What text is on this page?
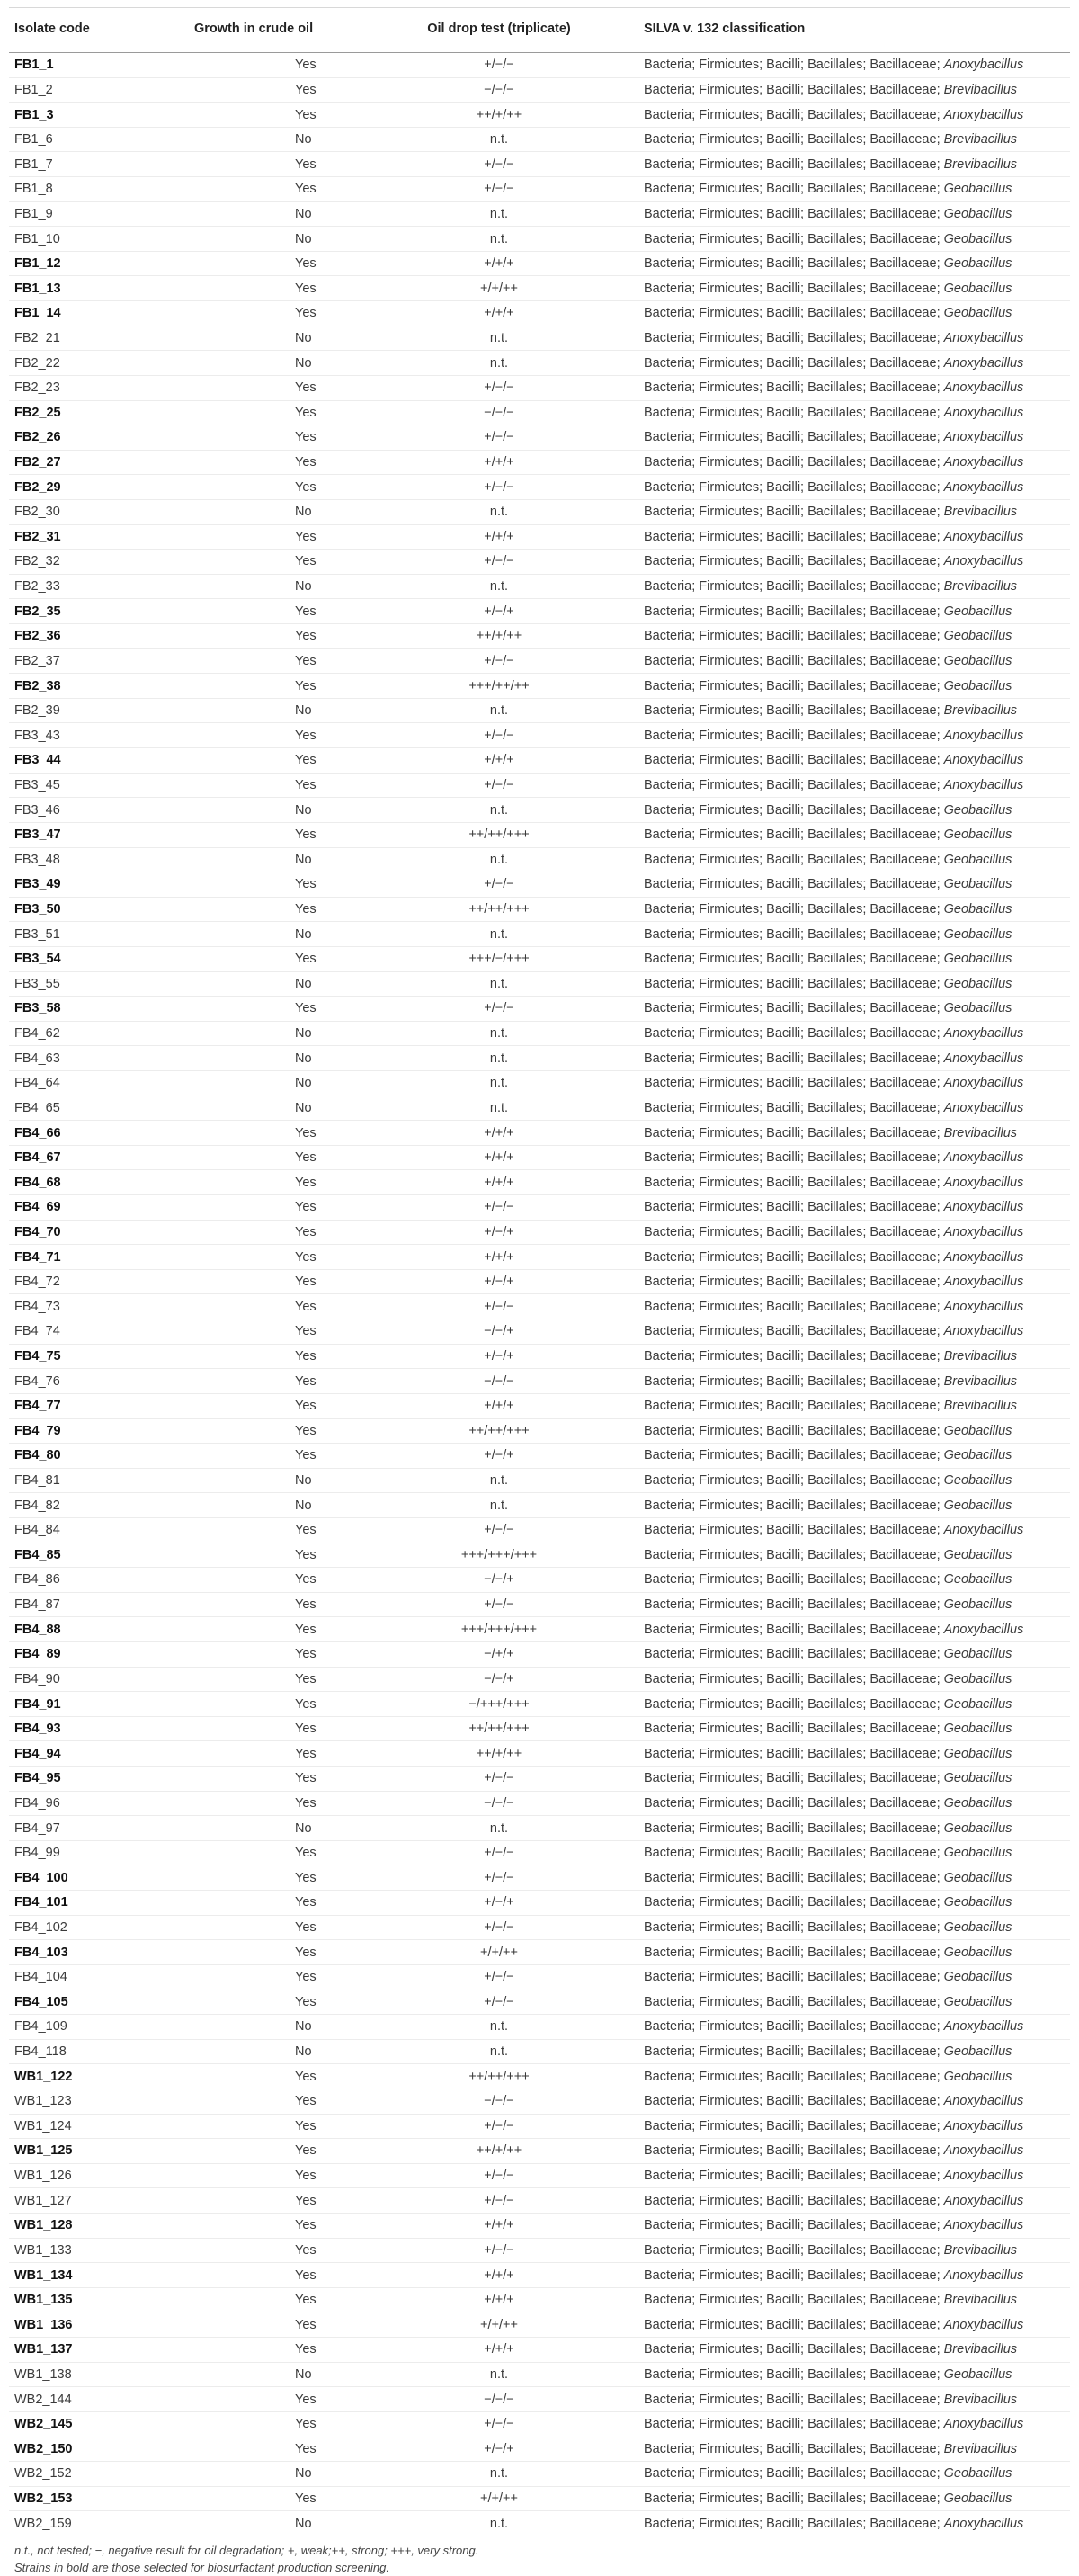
Isolate code	Growth in crude oil	Oil drop test (triplicate)	SILVA v. 132 classification
FB1_1	Yes	+/−/−	Bacteria; Firmicutes; Bacilli; Bacillales; Bacillaceae; Anoxybacillus
FB1_2	Yes	−/−/−	Bacteria; Firmicutes; Bacilli; Bacillales; Bacillaceae; Brevibacillus
FB1_3	Yes	++/+/++	Bacteria; Firmicutes; Bacilli; Bacillales; Bacillaceae; Anoxybacillus
FB1_6	No	n.t.	Bacteria; Firmicutes; Bacilli; Bacillales; Bacillaceae; Brevibacillus
FB1_7	Yes	+/−/−	Bacteria; Firmicutes; Bacilli; Bacillales; Bacillaceae; Brevibacillus
FB1_8	Yes	+/−/−	Bacteria; Firmicutes; Bacilli; Bacillales; Bacillaceae; Geobacillus
FB1_9	No	n.t.	Bacteria; Firmicutes; Bacilli; Bacillales; Bacillaceae; Geobacillus
FB1_10	No	n.t.	Bacteria; Firmicutes; Bacilli; Bacillales; Bacillaceae; Geobacillus
FB1_12	Yes	+/+/+	Bacteria; Firmicutes; Bacilli; Bacillales; Bacillaceae; Geobacillus
FB1_13	Yes	+/+/++	Bacteria; Firmicutes; Bacilli; Bacillales; Bacillaceae; Geobacillus
FB1_14	Yes	+/+/+	Bacteria; Firmicutes; Bacilli; Bacillales; Bacillaceae; Geobacillus
FB2_21	No	n.t.	Bacteria; Firmicutes; Bacilli; Bacillales; Bacillaceae; Anoxybacillus
FB2_22	No	n.t.	Bacteria; Firmicutes; Bacilli; Bacillales; Bacillaceae; Anoxybacillus
FB2_23	Yes	+/−/−	Bacteria; Firmicutes; Bacilli; Bacillales; Bacillaceae; Anoxybacillus
FB2_25	Yes	−/−/−	Bacteria; Firmicutes; Bacilli; Bacillales; Bacillaceae; Anoxybacillus
FB2_26	Yes	+/−/−	Bacteria; Firmicutes; Bacilli; Bacillales; Bacillaceae; Anoxybacillus
FB2_27	Yes	+/+/+	Bacteria; Firmicutes; Bacilli; Bacillales; Bacillaceae; Anoxybacillus
FB2_29	Yes	+/−/−	Bacteria; Firmicutes; Bacilli; Bacillales; Bacillaceae; Anoxybacillus
FB2_30	No	n.t.	Bacteria; Firmicutes; Bacilli; Bacillales; Bacillaceae; Brevibacillus
FB2_31	Yes	+/+/+	Bacteria; Firmicutes; Bacilli; Bacillales; Bacillaceae; Anoxybacillus
FB2_32	Yes	+/−/−	Bacteria; Firmicutes; Bacilli; Bacillales; Bacillaceae; Anoxybacillus
FB2_33	No	n.t.	Bacteria; Firmicutes; Bacilli; Bacillales; Bacillaceae; Brevibacillus
FB2_35	Yes	+/−/+	Bacteria; Firmicutes; Bacilli; Bacillales; Bacillaceae; Geobacillus
FB2_36	Yes	++/+/++	Bacteria; Firmicutes; Bacilli; Bacillales; Bacillaceae; Geobacillus
FB2_37	Yes	+/−/−	Bacteria; Firmicutes; Bacilli; Bacillales; Bacillaceae; Geobacillus
FB2_38	Yes	+++/++/++	Bacteria; Firmicutes; Bacilli; Bacillales; Bacillaceae; Geobacillus
FB2_39	No	n.t.	Bacteria; Firmicutes; Bacilli; Bacillales; Bacillaceae; Brevibacillus
FB3_43	Yes	+/−/−	Bacteria; Firmicutes; Bacilli; Bacillales; Bacillaceae; Anoxybacillus
FB3_44	Yes	+/+/+	Bacteria; Firmicutes; Bacilli; Bacillales; Bacillaceae; Anoxybacillus
FB3_45	Yes	+/−/−	Bacteria; Firmicutes; Bacilli; Bacillales; Bacillaceae; Anoxybacillus
FB3_46	No	n.t.	Bacteria; Firmicutes; Bacilli; Bacillales; Bacillaceae; Geobacillus
FB3_47	Yes	++/++/+++	Bacteria; Firmicutes; Bacilli; Bacillales; Bacillaceae; Geobacillus
FB3_48	No	n.t.	Bacteria; Firmicutes; Bacilli; Bacillales; Bacillaceae; Geobacillus
FB3_49	Yes	+/−/−	Bacteria; Firmicutes; Bacilli; Bacillales; Bacillaceae; Geobacillus
FB3_50	Yes	++/++/+++	Bacteria; Firmicutes; Bacilli; Bacillales; Bacillaceae; Geobacillus
FB3_51	No	n.t.	Bacteria; Firmicutes; Bacilli; Bacillales; Bacillaceae; Geobacillus
FB3_54	Yes	+++/−/+++	Bacteria; Firmicutes; Bacilli; Bacillales; Bacillaceae; Geobacillus
FB3_55	No	n.t.	Bacteria; Firmicutes; Bacilli; Bacillales; Bacillaceae; Geobacillus
FB3_58	Yes	+/−/−	Bacteria; Firmicutes; Bacilli; Bacillales; Bacillaceae; Geobacillus
FB4_62	No	n.t.	Bacteria; Firmicutes; Bacilli; Bacillales; Bacillaceae; Anoxybacillus
FB4_63	No	n.t.	Bacteria; Firmicutes; Bacilli; Bacillales; Bacillaceae; Anoxybacillus
FB4_64	No	n.t.	Bacteria; Firmicutes; Bacilli; Bacillales; Bacillaceae; Anoxybacillus
FB4_65	No	n.t.	Bacteria; Firmicutes; Bacilli; Bacillales; Bacillaceae; Anoxybacillus
FB4_66	Yes	+/+/+	Bacteria; Firmicutes; Bacilli; Bacillales; Bacillaceae; Brevibacillus
FB4_67	Yes	+/+/+	Bacteria; Firmicutes; Bacilli; Bacillales; Bacillaceae; Anoxybacillus
FB4_68	Yes	+/+/+	Bacteria; Firmicutes; Bacilli; Bacillales; Bacillaceae; Anoxybacillus
FB4_69	Yes	+/−/−	Bacteria; Firmicutes; Bacilli; Bacillales; Bacillaceae; Anoxybacillus
FB4_70	Yes	+/−/+	Bacteria; Firmicutes; Bacilli; Bacillales; Bacillaceae; Anoxybacillus
FB4_71	Yes	+/+/+	Bacteria; Firmicutes; Bacilli; Bacillales; Bacillaceae; Anoxybacillus
FB4_72	Yes	+/−/+	Bacteria; Firmicutes; Bacilli; Bacillales; Bacillaceae; Anoxybacillus
FB4_73	Yes	+/−/−	Bacteria; Firmicutes; Bacilli; Bacillales; Bacillaceae; Anoxybacillus
FB4_74	Yes	−/−/+	Bacteria; Firmicutes; Bacilli; Bacillales; Bacillaceae; Anoxybacillus
FB4_75	Yes	+/−/+	Bacteria; Firmicutes; Bacilli; Bacillales; Bacillaceae; Brevibacillus
FB4_76	Yes	−/−/−	Bacteria; Firmicutes; Bacilli; Bacillales; Bacillaceae; Brevibacillus
FB4_77	Yes	+/+/+	Bacteria; Firmicutes; Bacilli; Bacillales; Bacillaceae; Brevibacillus
FB4_79	Yes	++/++/+++	Bacteria; Firmicutes; Bacilli; Bacillales; Bacillaceae; Geobacillus
FB4_80	Yes	+/−/+	Bacteria; Firmicutes; Bacilli; Bacillales; Bacillaceae; Geobacillus
FB4_81	No	n.t.	Bacteria; Firmicutes; Bacilli; Bacillales; Bacillaceae; Geobacillus
FB4_82	No	n.t.	Bacteria; Firmicutes; Bacilli; Bacillales; Bacillaceae; Geobacillus
FB4_84	Yes	+/−/−	Bacteria; Firmicutes; Bacilli; Bacillales; Bacillaceae; Anoxybacillus
FB4_85	Yes	+++/+++/+++	Bacteria; Firmicutes; Bacilli; Bacillales; Bacillaceae; Geobacillus
FB4_86	Yes	−/−/+	Bacteria; Firmicutes; Bacilli; Bacillales; Bacillaceae; Geobacillus
FB4_87	Yes	+/−/−	Bacteria; Firmicutes; Bacilli; Bacillales; Bacillaceae; Geobacillus
FB4_88	Yes	+++/+++/+++	Bacteria; Firmicutes; Bacilli; Bacillales; Bacillaceae; Anoxybacillus
FB4_89	Yes	−/+/+	Bacteria; Firmicutes; Bacilli; Bacillales; Bacillaceae; Geobacillus
FB4_90	Yes	−/−/+	Bacteria; Firmicutes; Bacilli; Bacillales; Bacillaceae; Geobacillus
FB4_91	Yes	−/+++/+++	Bacteria; Firmicutes; Bacilli; Bacillales; Bacillaceae; Geobacillus
FB4_93	Yes	++/++/+++	Bacteria; Firmicutes; Bacilli; Bacillales; Bacillaceae; Geobacillus
FB4_94	Yes	++/+/++	Bacteria; Firmicutes; Bacilli; Bacillales; Bacillaceae; Geobacillus
FB4_95	Yes	+/−/−	Bacteria; Firmicutes; Bacilli; Bacillales; Bacillaceae; Geobacillus
FB4_96	Yes	−/−/−	Bacteria; Firmicutes; Bacilli; Bacillales; Bacillaceae; Geobacillus
FB4_97	No	n.t.	Bacteria; Firmicutes; Bacilli; Bacillales; Bacillaceae; Geobacillus
FB4_99	Yes	+/−/−	Bacteria; Firmicutes; Bacilli; Bacillales; Bacillaceae; Geobacillus
FB4_100	Yes	+/−/−	Bacteria; Firmicutes; Bacilli; Bacillales; Bacillaceae; Geobacillus
FB4_101	Yes	+/−/+	Bacteria; Firmicutes; Bacilli; Bacillales; Bacillaceae; Geobacillus
FB4_102	Yes	+/−/−	Bacteria; Firmicutes; Bacilli; Bacillales; Bacillaceae; Geobacillus
FB4_103	Yes	+/+/++	Bacteria; Firmicutes; Bacilli; Bacillales; Bacillaceae; Geobacillus
FB4_104	Yes	+/−/−	Bacteria; Firmicutes; Bacilli; Bacillales; Bacillaceae; Geobacillus
FB4_105	Yes	+/−/−	Bacteria; Firmicutes; Bacilli; Bacillales; Bacillaceae; Geobacillus
FB4_109	No	n.t.	Bacteria; Firmicutes; Bacilli; Bacillales; Bacillaceae; Anoxybacillus
FB4_118	No	n.t.	Bacteria; Firmicutes; Bacilli; Bacillales; Bacillaceae; Geobacillus
WB1_122	Yes	++/++/+++	Bacteria; Firmicutes; Bacilli; Bacillales; Bacillaceae; Geobacillus
WB1_123	Yes	−/−/−	Bacteria; Firmicutes; Bacilli; Bacillales; Bacillaceae; Anoxybacillus
WB1_124	Yes	+/−/−	Bacteria; Firmicutes; Bacilli; Bacillales; Bacillaceae; Anoxybacillus
WB1_125	Yes	++/+/++	Bacteria; Firmicutes; Bacilli; Bacillales; Bacillaceae; Anoxybacillus
WB1_126	Yes	+/−/−	Bacteria; Firmicutes; Bacilli; Bacillales; Bacillaceae; Anoxybacillus
WB1_127	Yes	+/−/−	Bacteria; Firmicutes; Bacilli; Bacillales; Bacillaceae; Anoxybacillus
WB1_128	Yes	+/+/+	Bacteria; Firmicutes; Bacilli; Bacillales; Bacillaceae; Anoxybacillus
WB1_133	Yes	+/−/−	Bacteria; Firmicutes; Bacilli; Bacillales; Bacillaceae; Brevibacillus
WB1_134	Yes	+/+/+	Bacteria; Firmicutes; Bacilli; Bacillales; Bacillaceae; Anoxybacillus
WB1_135	Yes	+/+/+	Bacteria; Firmicutes; Bacilli; Bacillales; Bacillaceae; Brevibacillus
WB1_136	Yes	+/+/++	Bacteria; Firmicutes; Bacilli; Bacillales; Bacillaceae; Anoxybacillus
WB1_137	Yes	+/+/+	Bacteria; Firmicutes; Bacilli; Bacillales; Bacillaceae; Brevibacillus
WB1_138	No	n.t.	Bacteria; Firmicutes; Bacilli; Bacillales; Bacillaceae; Geobacillus
WB2_144	Yes	−/−/−	Bacteria; Firmicutes; Bacilli; Bacillales; Bacillaceae; Brevibacillus
WB2_145	Yes	+/−/−	Bacteria; Firmicutes; Bacilli; Bacillales; Bacillaceae; Anoxybacillus
WB2_150	Yes	+/−/+	Bacteria; Firmicutes; Bacilli; Bacillales; Bacillaceae; Brevibacillus
WB2_152	No	n.t.	Bacteria; Firmicutes; Bacilli; Bacillales; Bacillaceae; Geobacillus
WB2_153	Yes	+/+/++	Bacteria; Firmicutes; Bacilli; Bacillales; Bacillaceae; Geobacillus
WB2_159	No	n.t.	Bacteria; Firmicutes; Bacilli; Bacillales; Bacillaceae; Anoxybacillus
n.t., not tested; −, negative result for oil degradation; +, weak;++, strong; +++, very strong.
Strains in bold are those selected for biosurfactant production screening.
